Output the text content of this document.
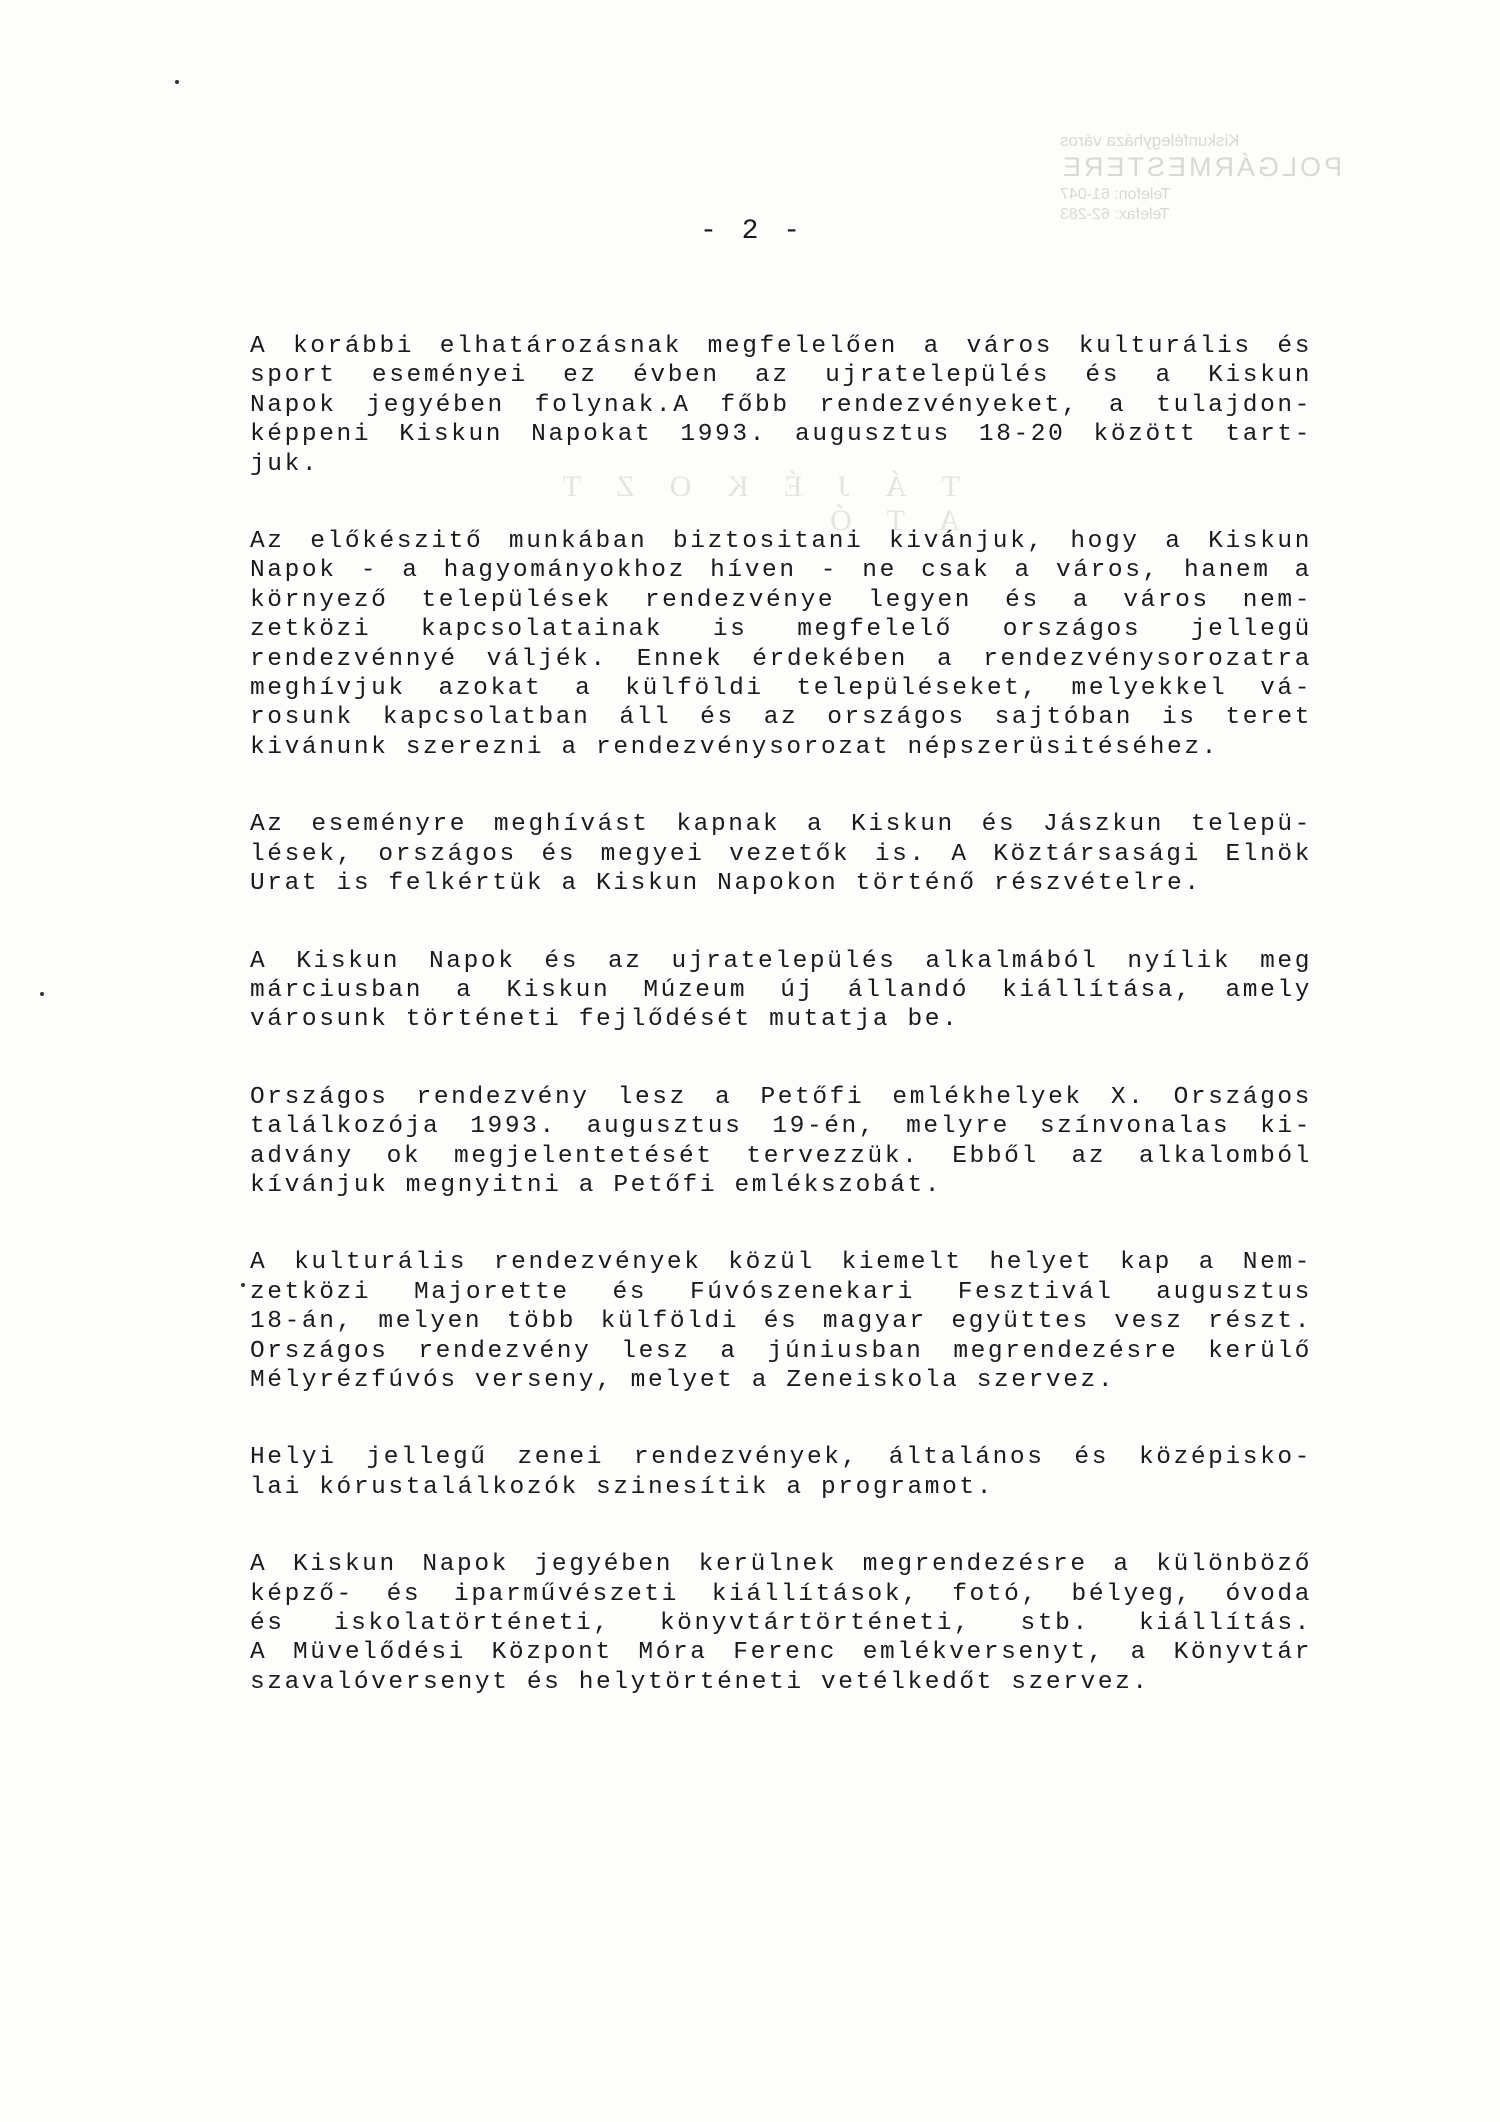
Kiskunfélegyháza város
POLGÁRMESTERE
Telefon: 61-047
Telefax: 62-283
T Á J É K O Z T A T Ó
- 2 -
A korábbi elhatározásnak megfelelően a város kulturális és
sport eseményei ez évben az ujratelepülés és a Kiskun
Napok jegyében folynak.A főbb rendezvényeket, a tulajdon-
képpeni Kiskun Napokat 1993. augusztus 18-20 között tart-
juk.
Az előkészitő munkában biztositani kivánjuk, hogy a Kiskun
Napok - a hagyományokhoz híven - ne csak a város, hanem a
környező települések rendezvénye legyen és a város nem-
zetközi kapcsolatainak is megfelelő országos jellegü
rendezvénnyé váljék. Ennek érdekében a rendezvénysorozatra
meghívjuk azokat a külföldi településeket, melyekkel vá-
rosunk kapcsolatban áll és az országos sajtóban is teret
kivánunk szerezni a rendezvénysorozat népszerüsitéséhez.
Az eseményre meghívást kapnak a Kiskun és Jászkun telepü-
lések, országos és megyei vezetők is. A Köztársasági Elnök
Urat is felkértük a Kiskun Napokon történő részvételre.
A Kiskun Napok és az ujratelepülés alkalmából nyílik meg
márciusban a Kiskun Múzeum új állandó kiállítása, amely
városunk történeti fejlődését mutatja be.
Országos rendezvény lesz a Petőfi emlékhelyek X. Országos
találkozója 1993. augusztus 19-én, melyre színvonalas ki-
advány ok megjelentetését tervezzük. Ebből az alkalomból
kívánjuk megnyitni a Petőfi emlékszobát.
A kulturális rendezvények közül kiemelt helyet kap a Nem-
zetközi Majorette és Fúvószenekari Fesztivál augusztus
18-án, melyen több külföldi és magyar együttes vesz részt.
Országos rendezvény lesz a júniusban megrendezésre kerülő
Mélyrézfúvós verseny, melyet a Zeneiskola szervez.
Helyi jellegű zenei rendezvények, általános és középisko-
lai kórustalálkozók szinesítik a programot.
A Kiskun Napok jegyében kerülnek megrendezésre a különböző
képző- és iparművészeti kiállítások, fotó, bélyeg, óvoda
és iskolatörténeti, könyvtártörténeti, stb. kiállítás.
A Müvelődési Központ Móra Ferenc emlékversenyt, a Könyvtár
szavalóversenyt és helytörténeti vetélkedőt szervez.
